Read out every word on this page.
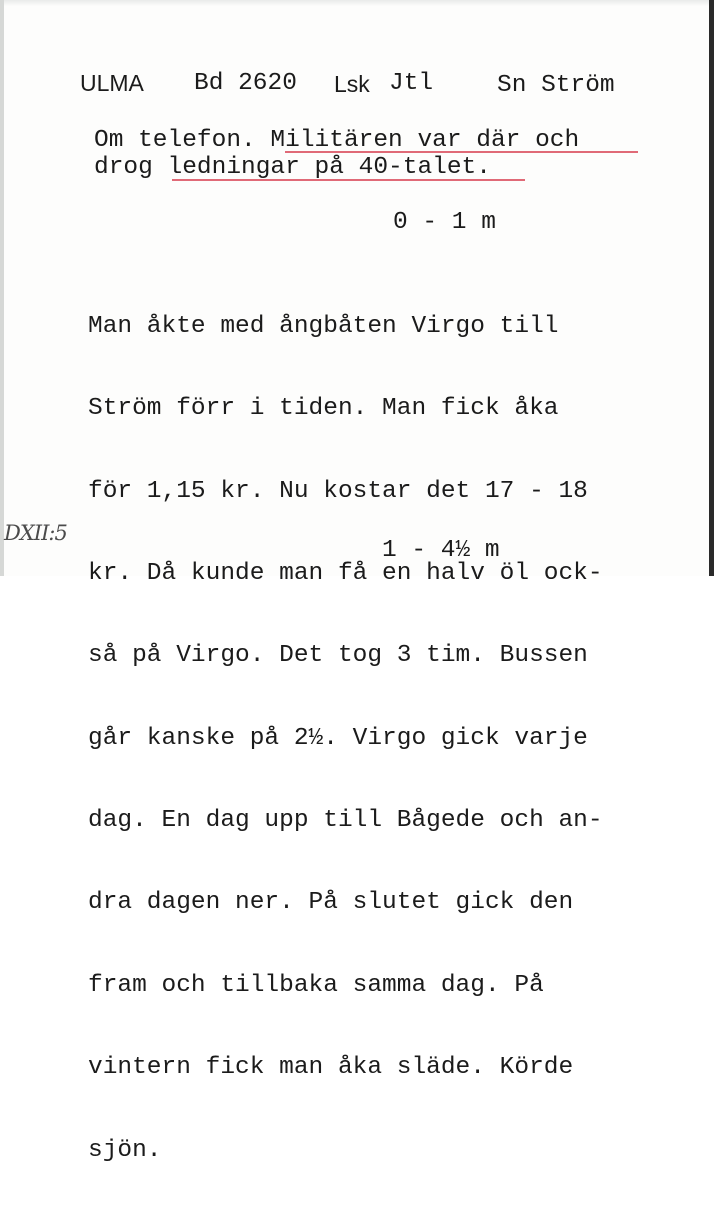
ULMA Bd 2620 Lsk Jtl	Sn Ström
Om telefon. Militären var där och
drog ledningar på 40-talet.
0 - 1 m

Man åkte med ångbåten Virgo till

Ström förr i tiden. Man fick åka

för 1,15 kr. Nu kostar det 17 - 18

kr. Då kunde man få en halv öl ock-

så på Virgo. Det tog 3 tim. Bussen

går kanske på 2½. Virgo gick varje

dag. En dag upp till Bågede och an-

dra dagen ner. På slutet gick den

fram och tillbaka samma dag. På

vintern fick man åka släde. Körde

sjön.

1 - 4½ m
DXII:5
